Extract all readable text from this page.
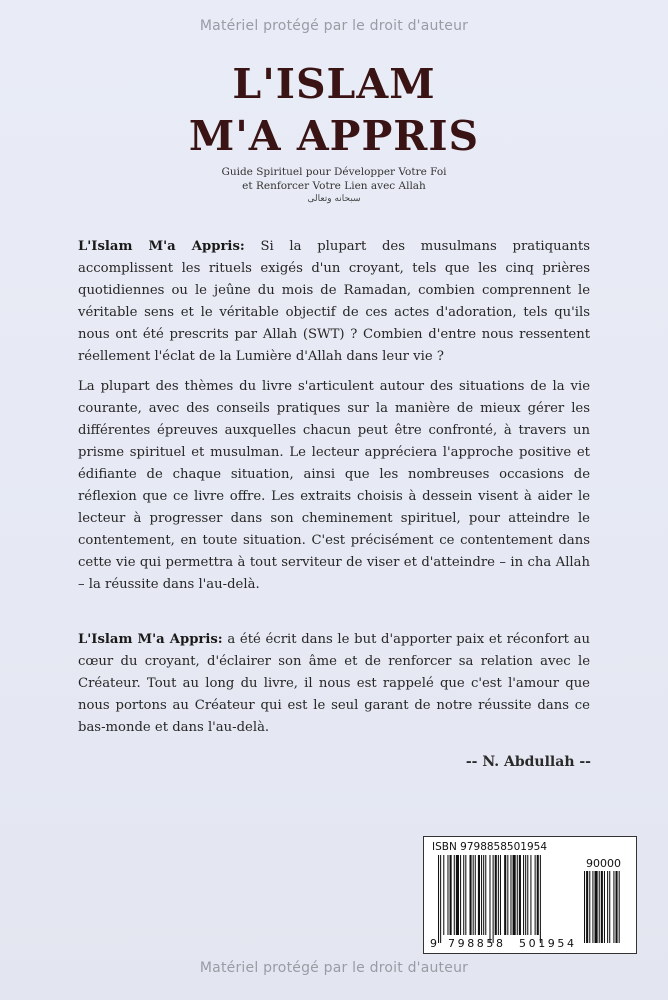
Matériel protégé par le droit d'auteur
L'ISLAM
M'A APPRIS
Guide Spirituel pour Développer Votre Foi
et Renforcer Votre Lien avec Allah
سبحانه وتعالى
L'Islam M'a Appris: Si la plupart des musulmans pratiquants accomplissent les rituels exigés d'un croyant, tels que les cinq prières quotidiennes ou le jeûne du mois de Ramadan, combien comprennent le véritable sens et le véritable objectif de ces actes d'adoration, tels qu'ils nous ont été prescrits par Allah (SWT) ? Combien d'entre nous ressentent réellement l'éclat de la Lumière d'Allah dans leur vie ?
La plupart des thèmes du livre s'articulent autour des situations de la vie courante, avec des conseils pratiques sur la manière de mieux gérer les différentes épreuves auxquelles chacun peut être confronté, à travers un prisme spirituel et musulman. Le lecteur appréciera l'approche positive et édifiante de chaque situation, ainsi que les nombreuses occasions de réflexion que ce livre offre. Les extraits choisis à dessein visent à aider le lecteur à progresser dans son cheminement spirituel, pour atteindre le contentement, en toute situation. C'est précisément ce contentement dans cette vie qui permettra à tout serviteur de viser et d'atteindre – in cha Allah – la réussite dans l'au-delà.
L'Islam M'a Appris: a été écrit dans le but d'apporter paix et réconfort au cœur du croyant, d'éclairer son âme et de renforcer sa relation avec le Créateur. Tout au long du livre, il nous est rappelé que c'est l'amour que nous portons au Créateur qui est le seul garant de notre réussite dans ce bas-monde et dans l'au-delà.
-- N. Abdullah --
ISBN 9798858501954
90000
9 798858 501954
Matériel protégé par le droit d'auteur
